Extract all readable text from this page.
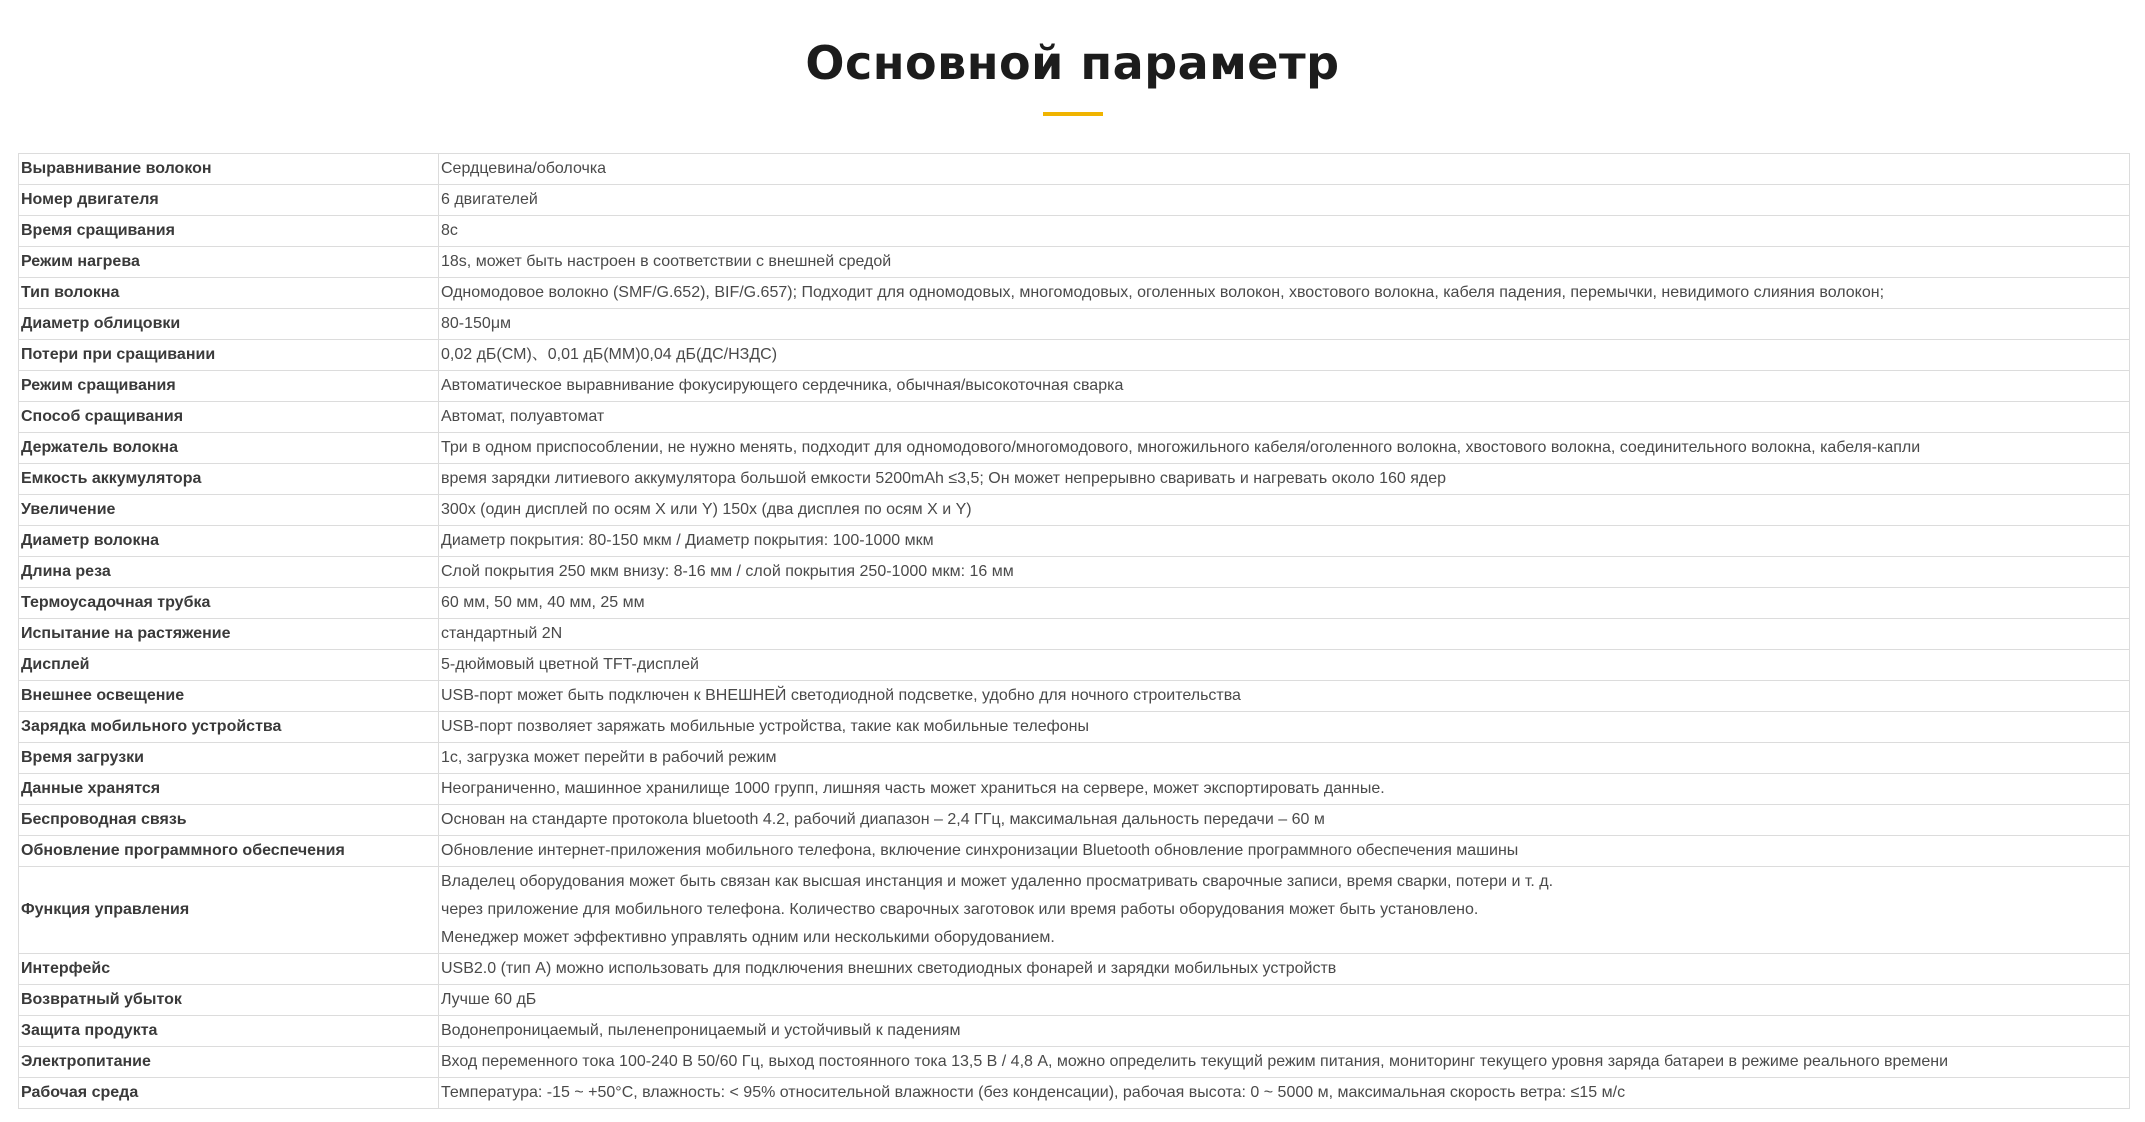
Основной параметр
Выравнивание волокон	Сердцевина/оболочка
Номер двигателя	6 двигателей
Время сращивания	8с
Режим нагрева	18s, может быть настроен в соответствии с внешней средой
Тип волокна	Одномодовое волокно (SMF/G.652), BIF/G.657); Подходит для одномодовых, многомодовых, оголенных волокон, хвостового волокна, кабеля падения, перемычки, невидимого слияния волокон;
Диаметр облицовки	80-150μм
Потери при сращивании	0,02 дБ(СМ)、0,01 дБ(ММ)0,04 дБ(ДС/НЗДС)
Режим сращивания	Автоматическое выравнивание фокусирующего сердечника, обычная/высокоточная сварка
Способ сращивания	Автомат, полуавтомат
Держатель волокна	Три в одном приспособлении, не нужно менять, подходит для одномодового/многомодового, многожильного кабеля/оголенного волокна, хвостового волокна, соединительного волокна, кабеля-капли
Емкость аккумулятора	время зарядки литиевого аккумулятора большой емкости 5200mAh ≤3,5; Он может непрерывно сваривать и нагревать около 160 ядер
Увеличение	300х (один дисплей по осям X или Y) 150х (два дисплея по осям X и Y)
Диаметр волокна	Диаметр покрытия: 80-150 мкм / Диаметр покрытия: 100-1000 мкм
Длина реза	Слой покрытия 250 мкм внизу: 8-16 мм / слой покрытия 250-1000 мкм: 16 мм
Термоусадочная трубка	60 мм, 50 мм, 40 мм, 25 мм
Испытание на растяжение	стандартный 2N
Дисплей	5-дюймовый цветной TFT-дисплей
Внешнее освещение	USB-порт может быть подключен к ВНЕШНЕЙ светодиодной подсветке, удобно для ночного строительства
Зарядка мобильного устройства	USB-порт позволяет заряжать мобильные устройства, такие как мобильные телефоны
Время загрузки	1с, загрузка может перейти в рабочий режим
Данные хранятся	Неограниченно, машинное хранилище 1000 групп, лишняя часть может храниться на сервере, может экспортировать данные.
Беспроводная связь	Основан на стандарте протокола bluetooth 4.2, рабочий диапазон – 2,4 ГГц, максимальная дальность передачи – 60 м
Обновление программного обеспечения	Обновление интернет-приложения мобильного телефона, включение синхронизации Bluetooth обновление программного обеспечения машины
Функция управления	Владелец оборудования может быть связан как высшая инстанция и может удаленно просматривать сварочные записи, время сварки, потери и т. д.
через приложение для мобильного телефона. Количество сварочных заготовок или время работы оборудования может быть установлено.
Менеджер может эффективно управлять одним или несколькими оборудованием.

Интерфейс	USB2.0 (тип A) можно использовать для подключения внешних светодиодных фонарей и зарядки мобильных устройств
Возвратный убыток	Лучше 60 дБ
Защита продукта	Водонепроницаемый, пыленепроницаемый и устойчивый к падениям
Электропитание	Вход переменного тока 100-240 В 50/60 Гц, выход постоянного тока 13,5 В / 4,8 А, можно определить текущий режим питания, мониторинг текущего уровня заряда батареи в режиме реального времени
Рабочая среда	Температура: -15 ~ +50°C, влажность: < 95% относительной влажности (без конденсации), рабочая высота: 0 ~ 5000 м, максимальная скорость ветра: ≤15 м/с
